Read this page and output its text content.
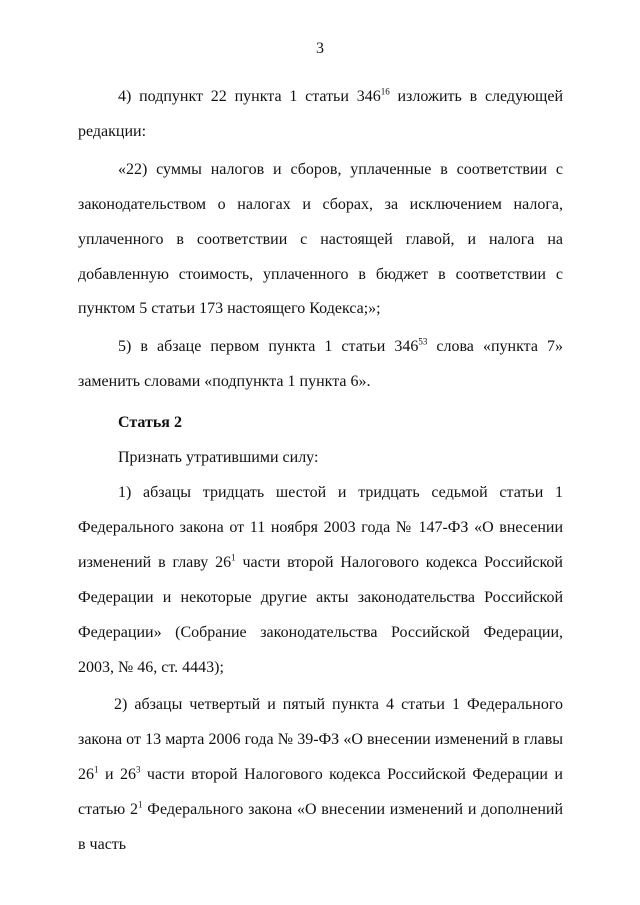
3

4) подпункт 22 пункта 1 статьи $346^{16}$ изложить в следующей редакции:

«22) суммы налогов и сборов, уплаченные в соответствии с законодательством о налогах и сборах, за исключением налога, уплаченного в соответствии с настоящей главой, и налога на добавленную стоимость, уплаченного в бюджет в соответствии с пунктом 5 статьи 173 настоящего Кодекса;»;

5) в абзаце первом пункта 1 статьи $346^{53}$ слова «пункта 7» заменить словами «подпункта 1 пункта 6».

Статья 2

Признать утратившими силу:

1) абзацы тридцать шестой и тридцать седьмой статьи 1 Федерального закона от 11 ноября 2003 года № 147-ФЗ «О внесении изменений в главу $26^1$ части второй Налогового кодекса Российской Федерации и некоторые другие акты законодательства Российской Федерации» (Собрание законодательства Российской Федерации, 2003, № 46, ст. 4443);

2) абзацы четвертый и пятый пункта 4 статьи 1 Федерального закона от 13 марта 2006 года № 39-ФЗ «О внесении изменений в главы $26^1$ и $26^3$ части второй Налогового кодекса Российской Федерации и статью $2^1$ Федерального закона «О внесении изменений и дополнений в часть
